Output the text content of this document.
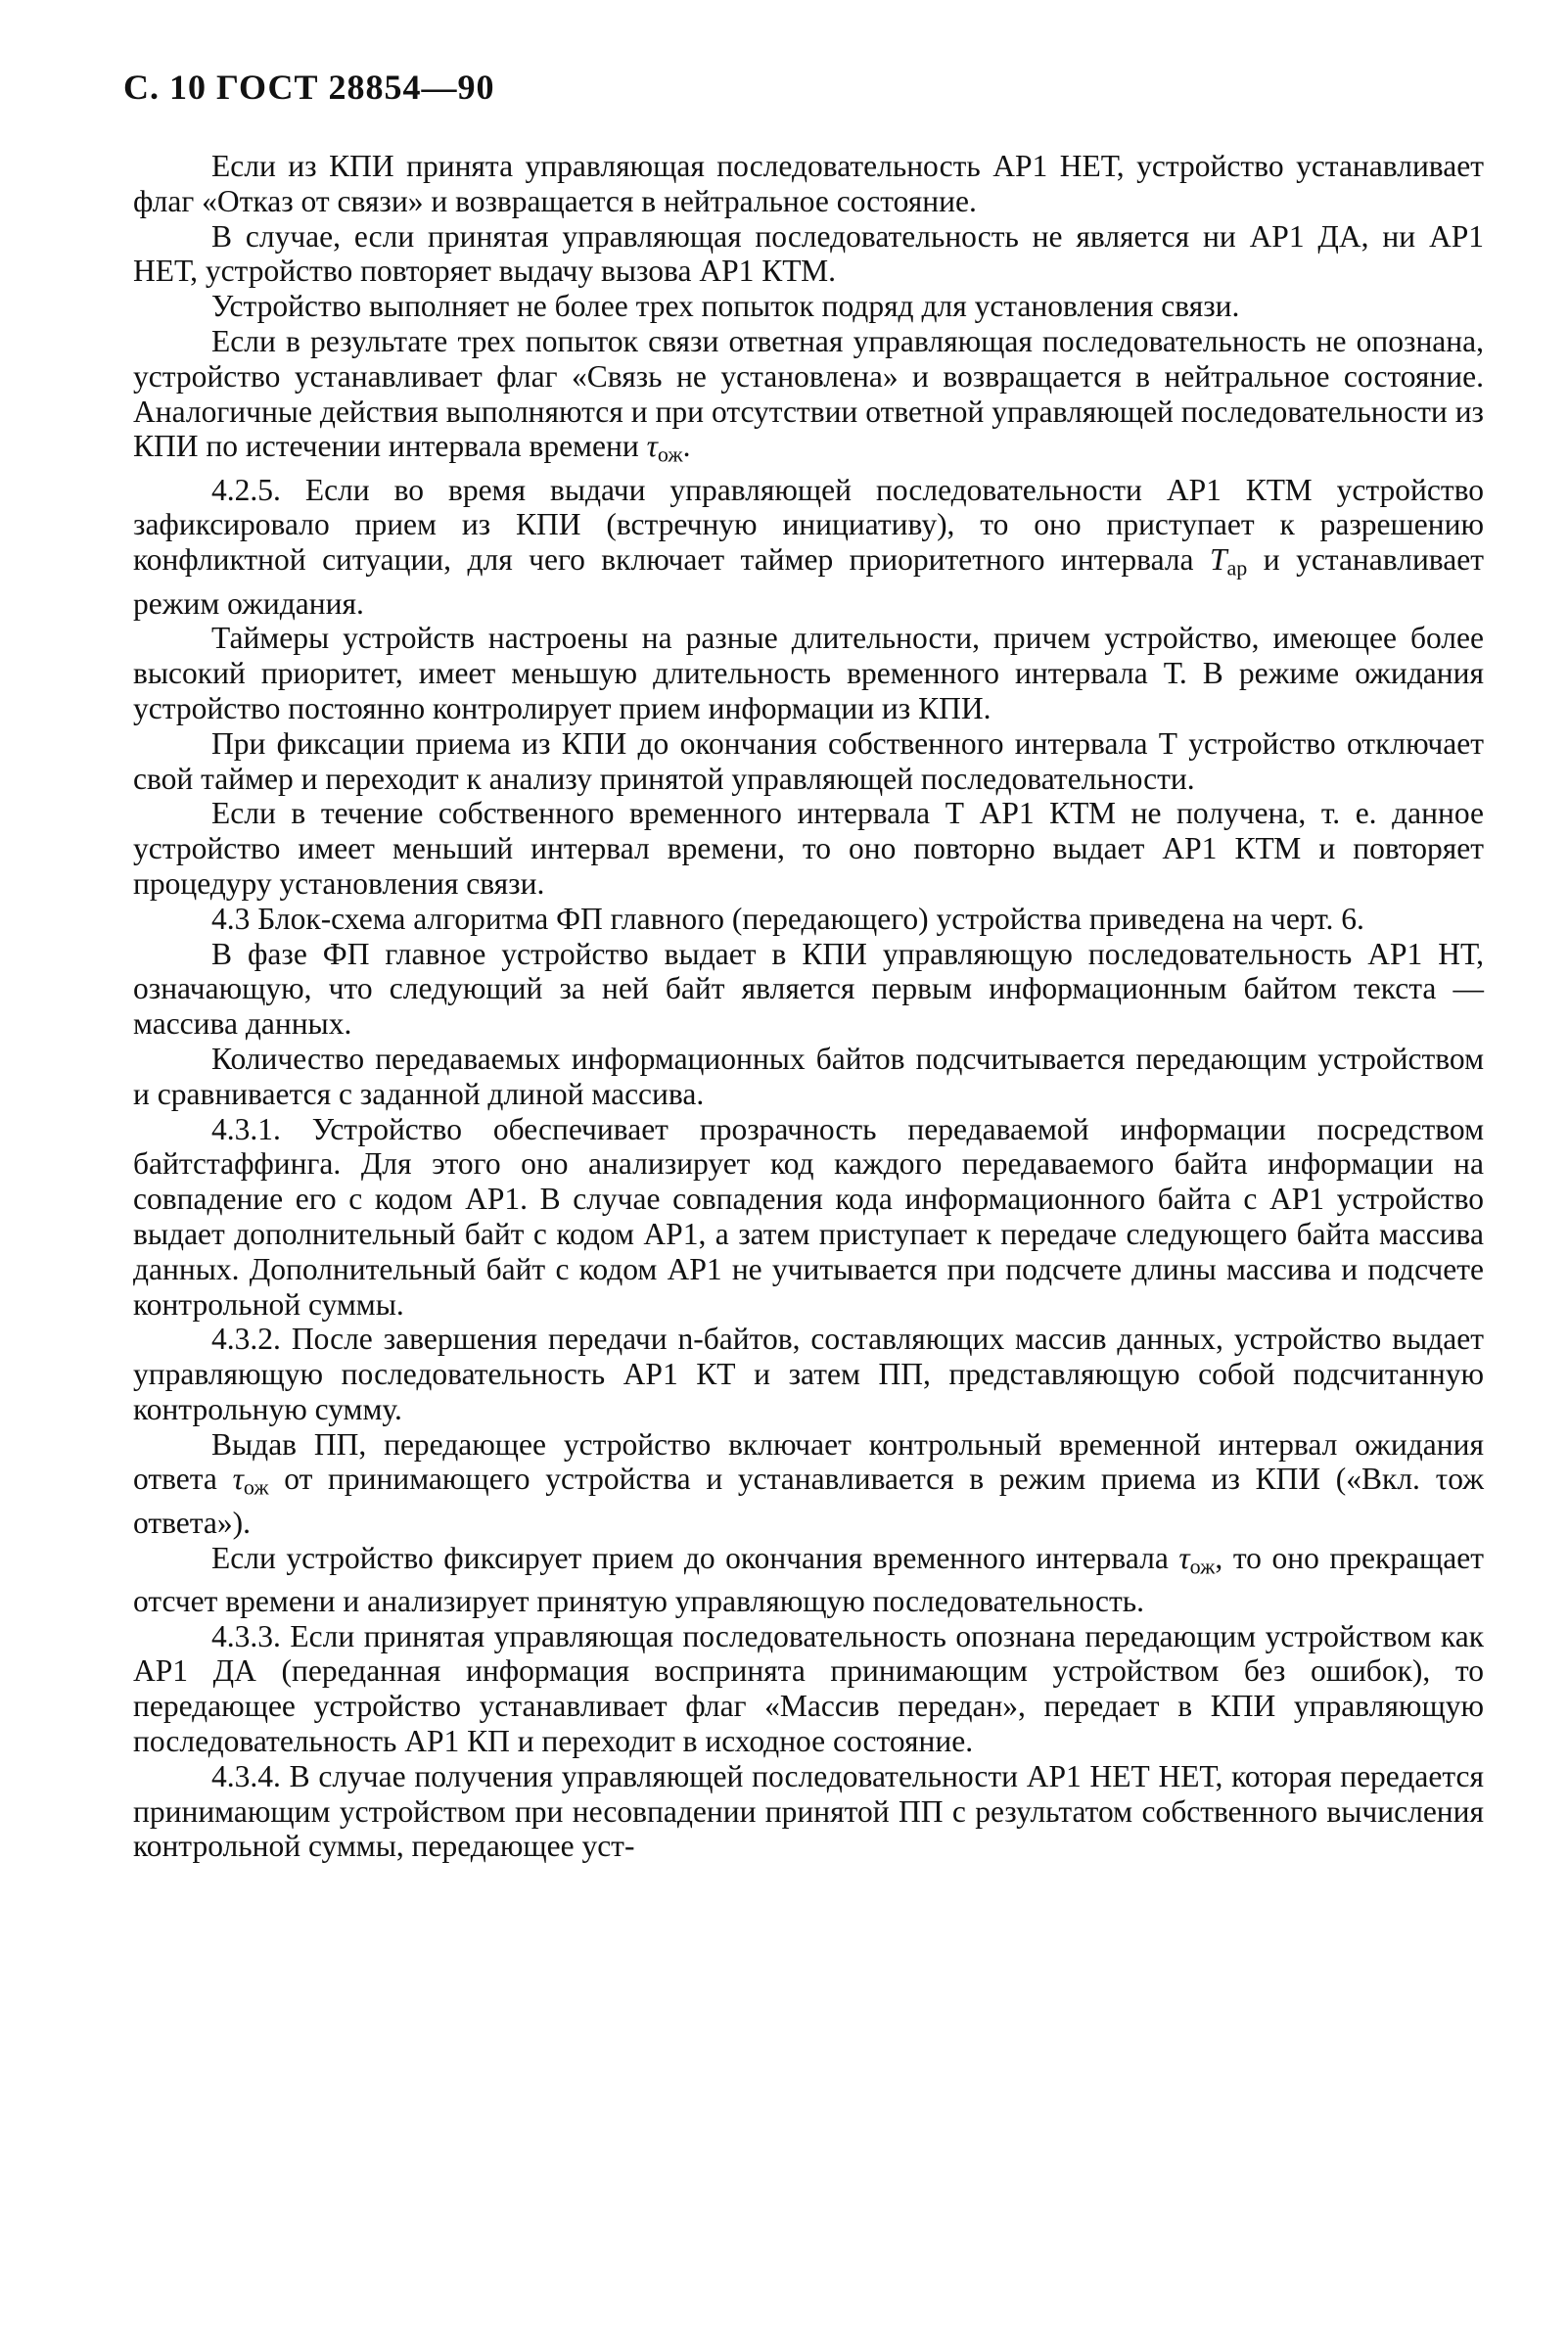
С. 10 ГОСТ 28854—90

Если из КПИ принята управляющая последовательность АР1 НЕТ, устройство устанавливает флаг «Отказ от связи» и возвращается в нейтральное состояние.

В случае, если принятая управляющая последовательность не является ни АР1 ДА, ни АР1 НЕТ, устройство повторяет выдачу вызова АР1 КТМ.

Устройство выполняет не более трех попыток подряд для установления связи.

Если в результате трех попыток связи ответная управляющая последовательность не опознана, устройство устанавливает флаг «Связь не установлена» и возвращается в нейтральное состояние. Аналогичные действия выполняются и при отсутствии ответной управляющей последовательности из КПИ по истечении интервала времени $\tau_{ож}$.

4.2.5. Если во время выдачи управляющей последовательности АР1 КТМ устройство зафиксировало прием из КПИ (встречную инициативу), то оно приступает к разрешению конфликтной ситуации, для чего включает таймер приоритетного интервала $T_{ар}$ и устанавливает режим ожидания.

Таймеры устройств настроены на разные длительности, причем устройство, имеющее более высокий приоритет, имеет меньшую длительность временного интервала Т. В режиме ожидания устройство постоянно контролирует прием информации из КПИ.

При фиксации приема из КПИ до окончания собственного интервала Т устройство отключает свой таймер и переходит к анализу принятой управляющей последовательности.

Если в течение собственного временного интервала Т АР1 КТМ не получена, т. е. данное устройство имеет меньший интервал времени, то оно повторно выдает АР1 КТМ и повторяет процедуру установления связи.

4.3 Блок-схема алгоритма ФП главного (передающего) устройства приведена на черт. 6.

В фазе ФП главное устройство выдает в КПИ управляющую последовательность АР1 НТ, означающую, что следующий за ней байт является первым информационным байтом текста — массива данных.

Количество передаваемых информационных байтов подсчитывается передающим устройством и сравнивается с заданной длиной массива.

4.3.1. Устройство обеспечивает прозрачность передаваемой информации посредством байтстаффинга. Для этого оно анализирует код каждого передаваемого байта информации на совпадение его с кодом АР1. В случае совпадения кода информационного байта с АР1 устройство выдает дополнительный байт с кодом АР1, а затем приступает к передаче следующего байта массива данных. Дополнительный байт с кодом АР1 не учитывается при подсчете длины массива и подсчете контрольной суммы.

4.3.2. После завершения передачи n-байтов, составляющих массив данных, устройство выдает управляющую последовательность АР1 КТ и затем ПП, представляющую собой подсчитанную контрольную сумму.

Выдав ПП, передающее устройство включает контрольный временной интервал ожидания ответа $\tau_{ож}$ от принимающего устройства и устанавливается в режим приема из КПИ («Вкл. τож ответа»).

Если устройство фиксирует прием до окончания временного интервала $\tau_{ож}$, то оно прекращает отсчет времени и анализирует принятую управляющую последовательность.

4.3.3. Если принятая управляющая последовательность опознана передающим устройством как АР1 ДА (переданная информация воспринята принимающим устройством без ошибок), то передающее устройство устанавливает флаг «Массив передан», передает в КПИ управляющую последовательность АР1 КП и переходит в исходное состояние.

4.3.4. В случае получения управляющей последовательности АР1 НЕТ НЕТ, которая передается принимающим устройством при несовпадении принятой ПП с результатом собственного вычисления контрольной суммы, передающее уст-
